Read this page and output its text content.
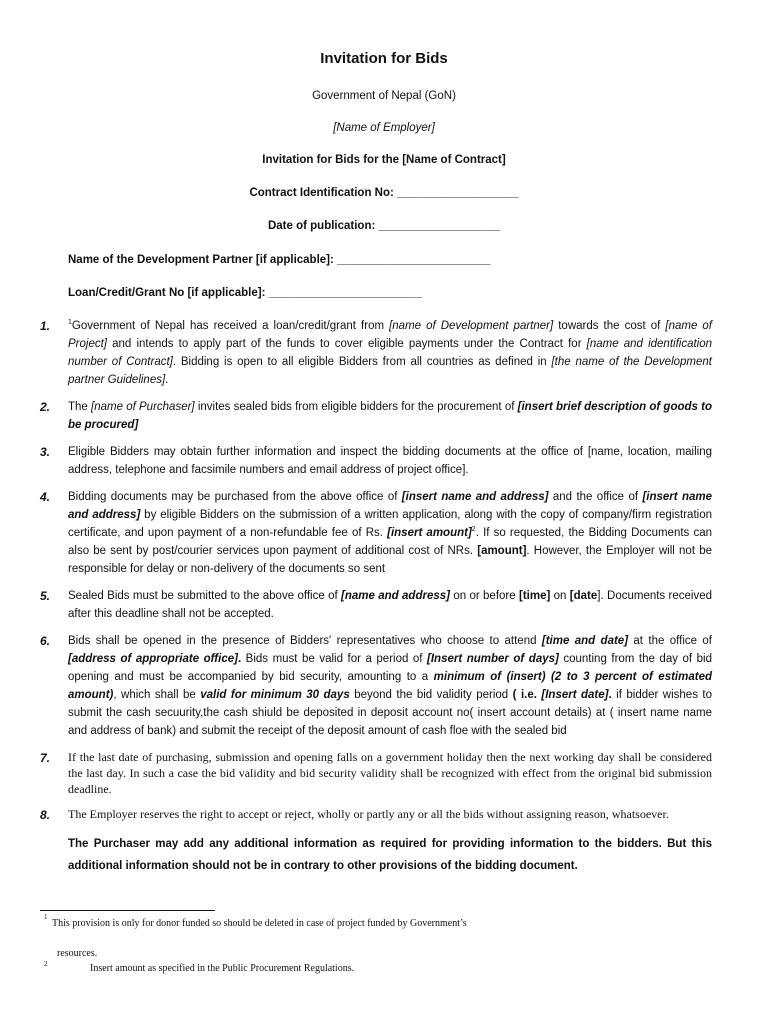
Invitation for Bids
Government of Nepal (GoN)
[Name of Employer]
Invitation for Bids for the [Name of Contract]
Contract Identification No: ___________________
Date of publication: ___________________
Name of the Development Partner [if applicable]: ________________________
Loan/Credit/Grant No [if applicable]: ________________________
1.	$^1$Government of Nepal has received a loan/credit/grant from [name of Development partner] towards the cost of [name of Project] and intends to apply part of the funds to cover eligible payments under the Contract for [name and identification number of Contract]. Bidding is open to all eligible Bidders from all countries as defined in [the name of the Development partner Guidelines].
2.	The [name of Purchaser] invites sealed bids from eligible bidders for the procurement of [insert brief description of goods to be procured]
3.	Eligible Bidders may obtain further information and inspect the bidding documents at the office of [name, location, mailing address, telephone and facsimile numbers and email address of project office].
4.	Bidding documents may be purchased from the above office of [insert name and address] and the office of [insert name and address] by eligible Bidders on the submission of a written application, along with the copy of company/firm registration certificate, and upon payment of a non-refundable fee of Rs. [insert amount]$^2$. If so requested, the Bidding Documents can also be sent by post/courier services upon payment of additional cost of NRs. [amount]. However, the Employer will not be responsible for delay or non-delivery of the documents so sent
5.	Sealed Bids must be submitted to the above office of [name and address] on or before [time] on [date]. Documents received after this deadline shall not be accepted.
6.	Bids shall be opened in the presence of Bidders' representatives who choose to attend [time and date] at the office of [address of appropriate office]. Bids must be valid for a period of [Insert number of days] counting from the day of bid opening and must be accompanied by bid security, amounting to a minimum of (insert) (2 to 3 percent of estimated amount), which shall be valid for minimum 30 days beyond the bid validity period ( i.e. [Insert date]. if bidder wishes to submit the cash secuurity,the cash shiuld be deposited in deposit account no( insert account details) at ( insert name name and address of bank) and submit the receipt of the deposit amount of cash floe with the sealed bid
7.	If the last date of purchasing, submission and opening falls on a government holiday then the next working day shall be considered the last day. In such a case the bid validity and bid security validity shall be recognized with effect from the original bid submission deadline.
8.	The Employer reserves the right to accept or reject, wholly or partly any or all the bids without assigning reason, whatsoever.
The Purchaser may add any additional information as required for providing information to the bidders. But this additional information should not be in contrary to other provisions of the bidding document.
1
This provision is only for donor funded so should be deleted in case of project funded by Government’s
resources.
2	Insert amount as specified in the Public Procurement Regulations.
